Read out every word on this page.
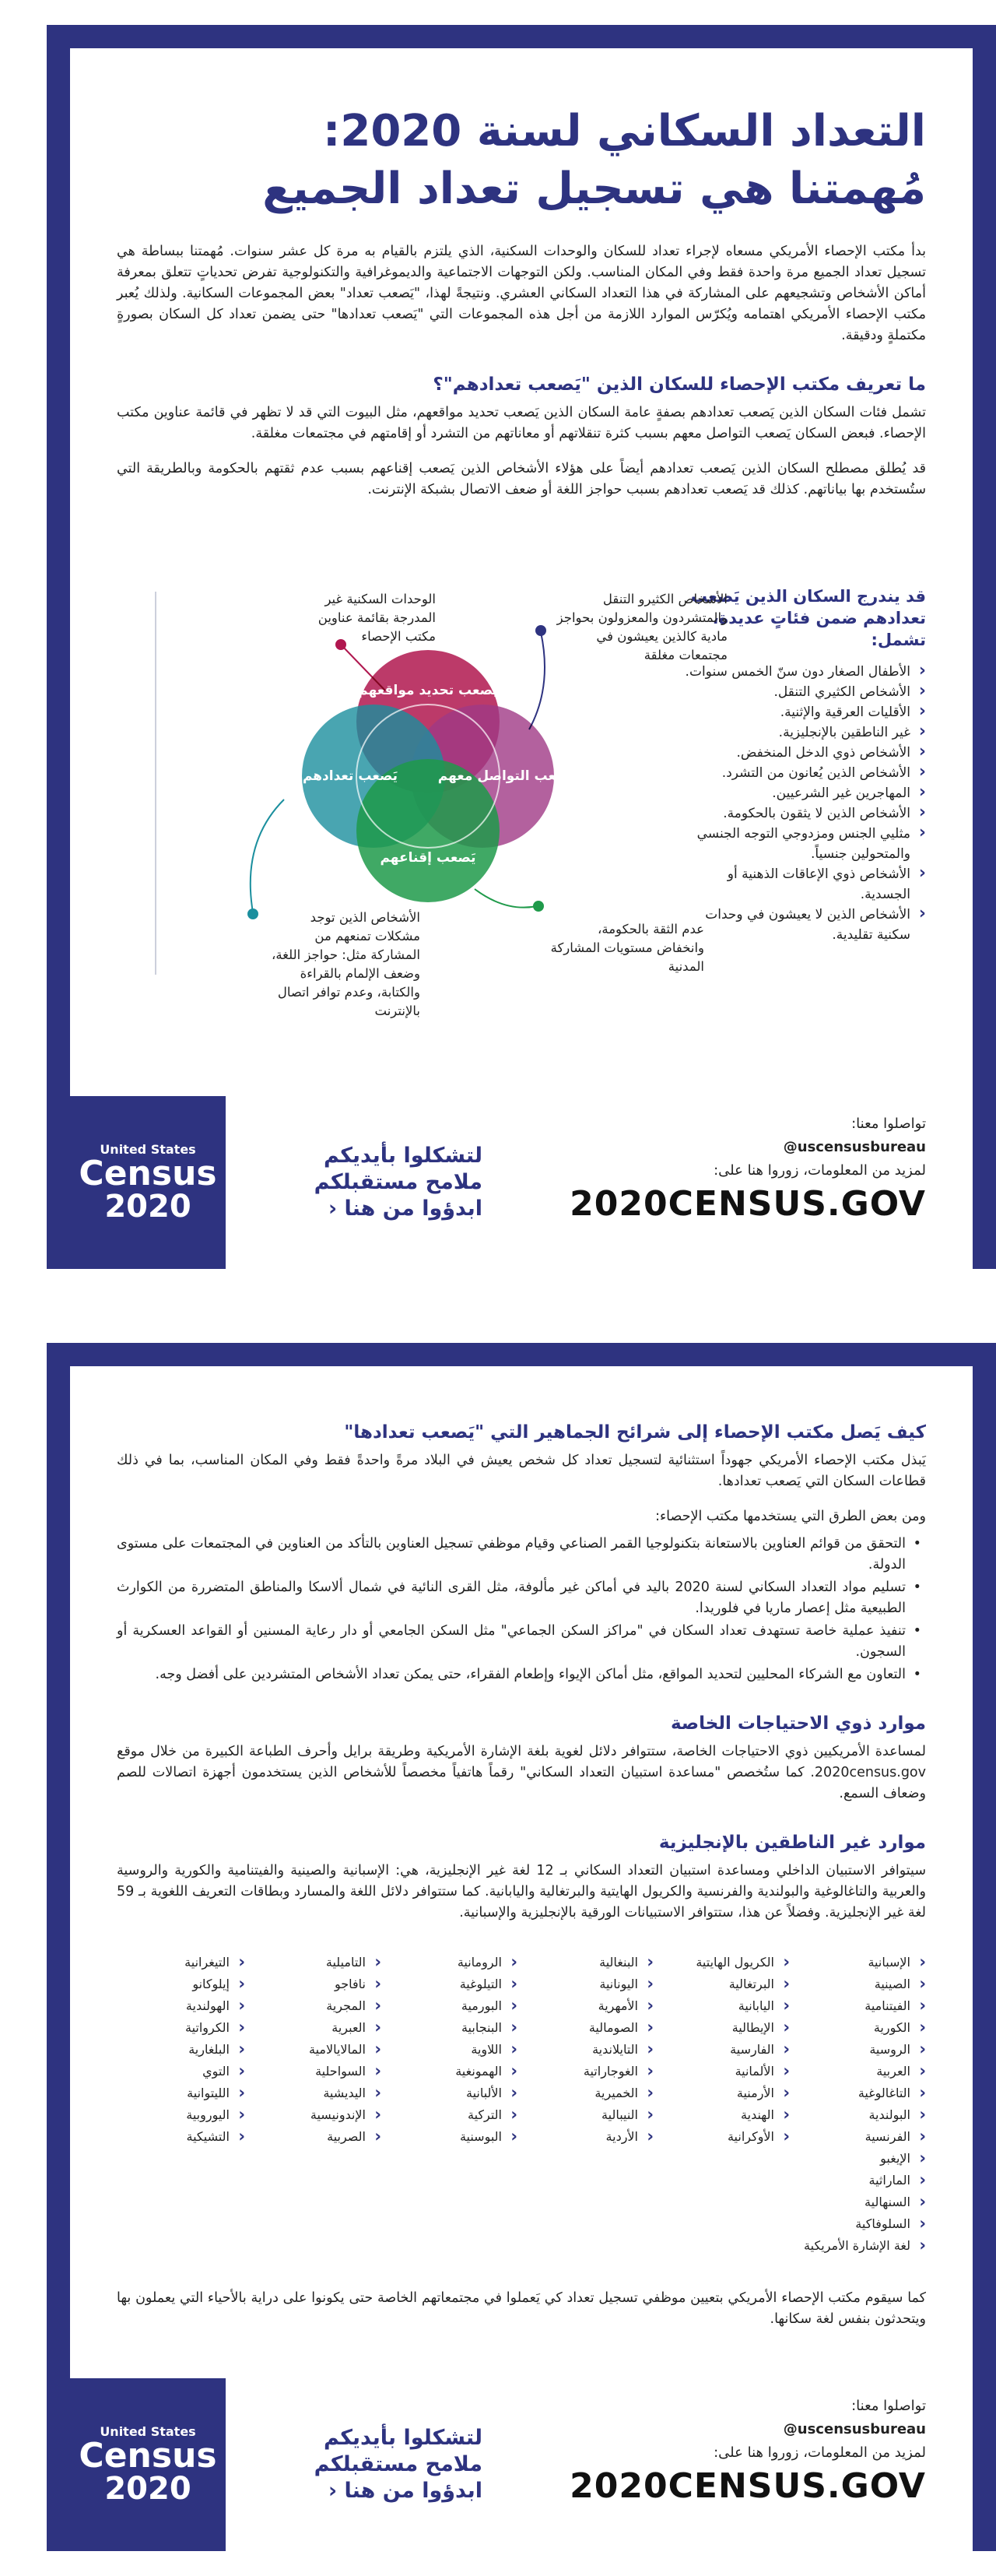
التعداد السكاني لسنة 2020:
مُهمتنا هي تسجيل تعداد الجميع

بدأ مكتب الإحصاء الأمريكي مسعاه لإجراء تعداد للسكان والوحدات السكنية، الذي يلتزم بالقيام به مرة كل عشر سنوات. مُهمتنا ببساطة هي تسجيل تعداد الجميع مرة واحدة فقط وفي المكان المناسب. ولكن التوجهات الاجتماعية والديموغرافية والتكنولوجية تفرض تحدياتٍ تتعلق بمعرفة أماكن الأشخاص وتشجيعهم على المشاركة في هذا التعداد السكاني العشري. ونتيجةً لهذا، "يَصعب تعداد" بعض المجموعات السكانية. ولذلك يُعبر مكتب الإحصاء الأمريكي اهتمامه ويُكرّس الموارد اللازمة من أجل هذه المجموعات التي "يَصعب تعدادها" حتى يضمن تعداد كل السكان بصورةٍ مكتملةٍ ودقيقة.

ما تعريف مكتب الإحصاء للسكان الذين "يَصعب تعدادهم"؟

تشمل فئات السكان الذين يَصعب تعدادهم بصفةٍ عامة السكان الذين يَصعب تحديد مواقعهم، مثل البيوت التي قد لا تظهر في قائمة عناوين مكتب الإحصاء. فبعض السكان يَصعب التواصل معهم بسبب كثرة تنقلاتهم أو معاناتهم من التشرد أو إقامتهم في مجتمعات مغلقة.

قد يُطلق مصطلح السكان الذين يَصعب تعدادهم أيضاً على هؤلاء الأشخاص الذين يَصعب إقناعهم بسبب عدم ثقتهم بالحكومة وبالطريقة التي ستُستخدم بها بياناتهم. كذلك قد يَصعب تعدادهم بسبب حواجز اللغة أو ضعف الاتصال بشبكة الإنترنت.

قد يندرج السكان الذين يَصعب تعدادهم ضمن فئاتٍ عديدة، تشمل:
‹ الأطفال الصغار دون سنّ الخمس سنوات.
‹ الأشخاص الكثيري التنقل.
‹ الأقليات العرقية والإثنية.
‹ غير الناطقين بالإنجليزية.
‹ الأشخاص ذوي الدخل المنخفض.
‹ الأشخاص الذين يُعانون من التشرد.
‹ المهاجرين غير الشرعيين.
‹ الأشخاص الذين لا يثقون بالحكومة.
‹ مثليي الجنس ومزدوجي التوجه الجنسي والمتحولين جنسياً.
‹ الأشخاص ذوي الإعاقات الذهنية أو الجسدية.
‹ الأشخاص الذين لا يعيشون في وحدات سكنية تقليدية.
يَصعب تحديد مواقعهم
يَصعب التواصل معهم
يَصعب تعدادهم
يَصعب إقناعهم
الوحدات السكنية غير المدرجة بقائمة عناوين مكتب الإحصاء
الأشخاص الكثيرو التنقل والمتشردون والمعزولون بحواجز مادية كالذين يعيشون في مجتمعات مغلقة
الأشخاص الذين توجد مشكلات تمنعهم من المشاركة مثل: حواجز اللغة، وضعف الإلمام بالقراءة والكتابة، وعدم توافر اتصال بالإنترنت
عدم الثقة بالحكومة، وانخفاض مستويات المشاركة المدنية
United States
Census
2020
لتشكلوا بأيديكم
ملامح مستقبلكم
ابدؤوا من هنا ‹
تواصلوا معنا:
@uscensusbureau
لمزيد من المعلومات، زوروا هنا على:
2020CENSUS.GOV
كيف يَصل مكتب الإحصاء إلى شرائح الجماهير التي "يَصعب تعدادها"

يَبذل مكتب الإحصاء الأمريكي جهوداً استثنائية لتسجيل تعداد كل شخص يعيش في البلاد مرةً واحدةً فقط وفي المكان المناسب، بما في ذلك قطاعات السكان التي يَصعب تعدادها.

ومن بعض الطرق التي يستخدمها مكتب الإحصاء:

• التحقق من قوائم العناوين بالاستعانة بتكنولوجيا القمر الصناعي وقيام موظفي تسجيل العناوين بالتأكد من العناوين في المجتمعات على مستوى الدولة.
• تسليم مواد التعداد السكاني لسنة 2020 باليد في أماكن غير مألوفة، مثل القرى النائية في شمال ألاسكا والمناطق المتضررة من الكوارث الطبيعية مثل إعصار ماريا في فلوريدا.
• تنفيذ عملية خاصة تستهدف تعداد السكان في "مراكز السكن الجماعي" مثل السكن الجامعي أو دار رعاية المسنين أو القواعد العسكرية أو السجون.
• التعاون مع الشركاء المحليين لتحديد المواقع، مثل أماكن الإيواء وإطعام الفقراء، حتى يمكن تعداد الأشخاص المتشردين على أفضل وجه.
موارد ذوي الاحتياجات الخاصة

لمساعدة الأمريكيين ذوي الاحتياجات الخاصة، ستتوافر دلائل لغوية بلغة الإشارة الأمريكية وطريقة برايل وأحرف الطباعة الكبيرة من خلال موقع 2020census.gov. كما ستُخصص "مساعدة استبيان التعداد السكاني" رقماً هاتفياً مخصصاً للأشخاص الذين يستخدمون أجهزة اتصالات للصم وضعاف السمع.

موارد غير الناطقين بالإنجليزية

سيتوافر الاستبيان الداخلي ومساعدة استبيان التعداد السكاني بـ 12 لغة غير الإنجليزية، هي: الإسبانية والصينية والفيتنامية والكورية والروسية والعربية والتاغالوغية والبولندية والفرنسية والكريول الهايتية والبرتغالية واليابانية. كما ستتوافر دلائل اللغة والمسارد وبطاقات التعريف اللغوية بـ 59 لغة غير الإنجليزية. وفضلاً عن هذا، ستتوافر الاستبيانات الورقية بالإنجليزية والإسبانية.

‹ الإسبانية
‹ الصينية
‹ الفيتنامية
‹ الكورية
‹ الروسية
‹ العربية
‹ التاغالوغية
‹ البولندية
‹ الفرنسية
‹ الكريول الهايتية
‹ البرتغالية
‹ اليابانية
‹ الإيطالية
‹ الفارسية
‹ الألمانية
‹ الأرمنية
‹ الهندية
‹ الأوكرانية
‹ البنغالية
‹ اليونانية
‹ الأمهرية
‹ الصومالية
‹ التايلاندية
‹ الغوجاراتية
‹ الخميرية
‹ النيبالية
‹ الأردية
‹ الرومانية
‹ التيلوغية
‹ البورمية
‹ البنجابية
‹ اللاوية
‹ الهمونغية
‹ الألبانية
‹ التركية
‹ البوسنية
‹ التاميلية
‹ نافاجو
‹ المجرية
‹ العبرية
‹ المالايالامية
‹ السواحلية
‹ اليديشية
‹ الإندونيسية
‹ الصربية
‹ التيغرانية
‹ إيلوكانو
‹ الهولندية
‹ الكرواتية
‹ البلغارية
‹ التوي
‹ الليتوانية
‹ اليوروبية
‹ التشيكية
‹ الإيغبو
‹ الماراثية
‹ السنهالية
‹ السلوفاكية
‹ لغة الإشارة الأمريكية

كما سيقوم مكتب الإحصاء الأمريكي بتعيين موظفي تسجيل تعداد كي يَعملوا في مجتمعاتهم الخاصة حتى يكونوا على دراية بالأحياء التي يعملون بها ويتحدثون بنفس لغة سكانها.

United States
Census
2020
لتشكلوا بأيديكم
ملامح مستقبلكم
ابدؤوا من هنا ‹
تواصلوا معنا:
@uscensusbureau
لمزيد من المعلومات، زوروا هنا على:
2020CENSUS.GOV
